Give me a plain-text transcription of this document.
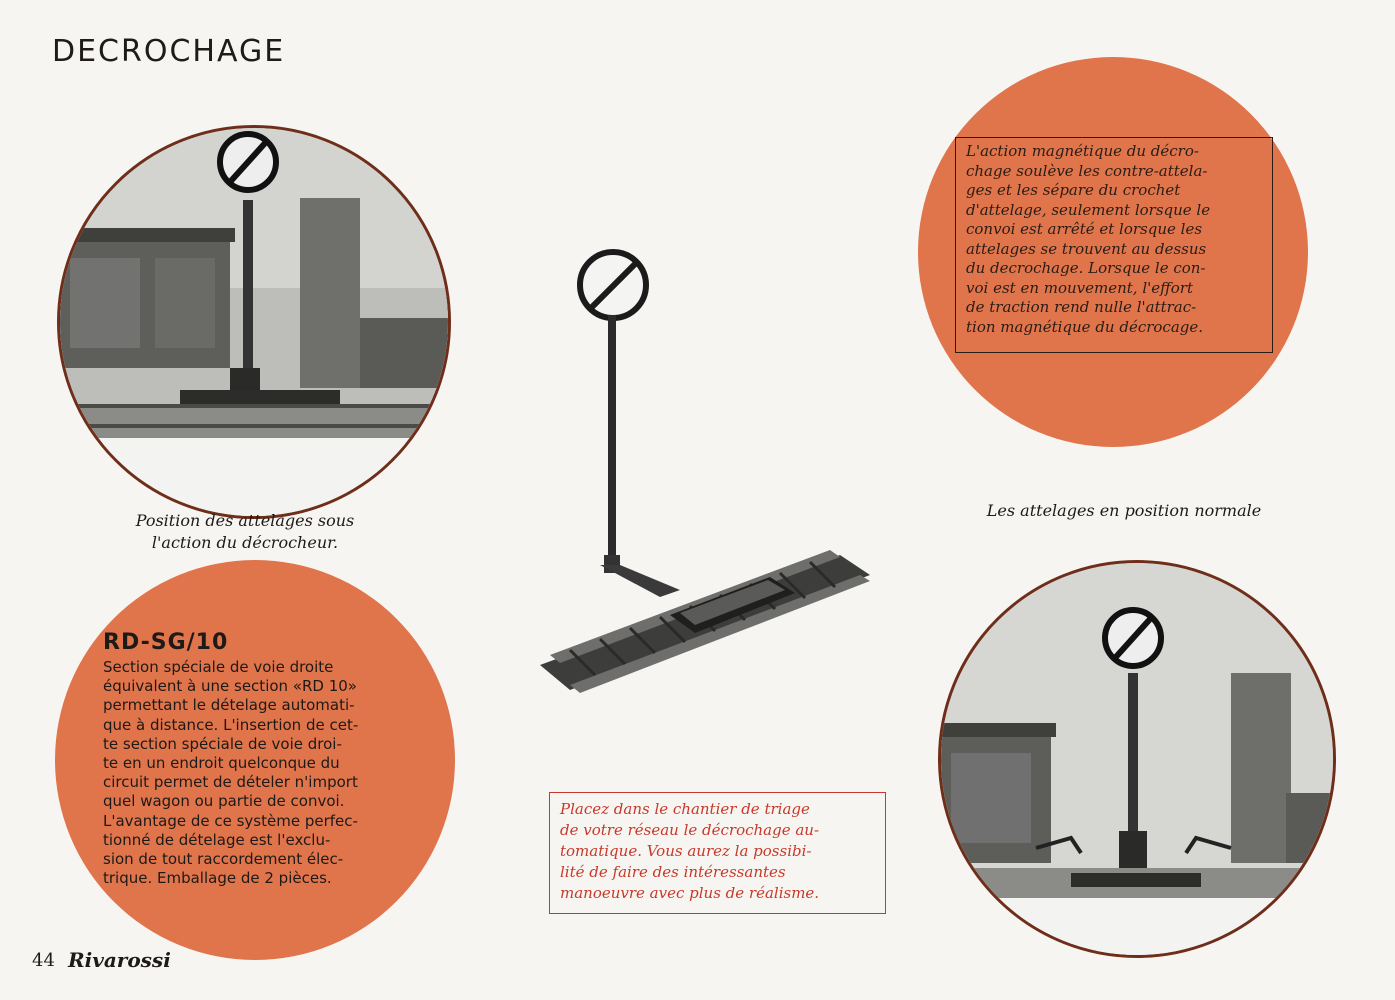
DECROCHAGE
Position des attelages sous
l'action du décrocheur.
RD-SG/10
Section spéciale de voie droite
équivalent à une section «RD 10»
permettant le dételage automati-
que à distance. L'insertion de cet-
te section spéciale de voie droi-
te en un endroit quelconque du
circuit permet de dételer n'import
quel wagon ou partie de convoi.
L'avantage de ce système perfec-
tionné de dételage est l'exclu-
sion de tout raccordement élec-
trique. Emballage de 2 pièces.
Placez dans le chantier de triage
de votre réseau le décrochage au-
tomatique. Vous aurez la possibi-
lité de faire des intéressantes
manoeuvre avec plus de réalisme.
L'action magnétique du décro-
chage soulève les contre-attela-
ges et les sépare du crochet
d'attelage, seulement lorsque le
convoi est arrêté et lorsque les
attelages se trouvent au dessus
du decrochage. Lorsque le con-
voi est en mouvement, l'effort
de traction rend nulle l'attrac-
tion magnétique du décrocage.
Les attelages en position normale
44 Rivarossi
